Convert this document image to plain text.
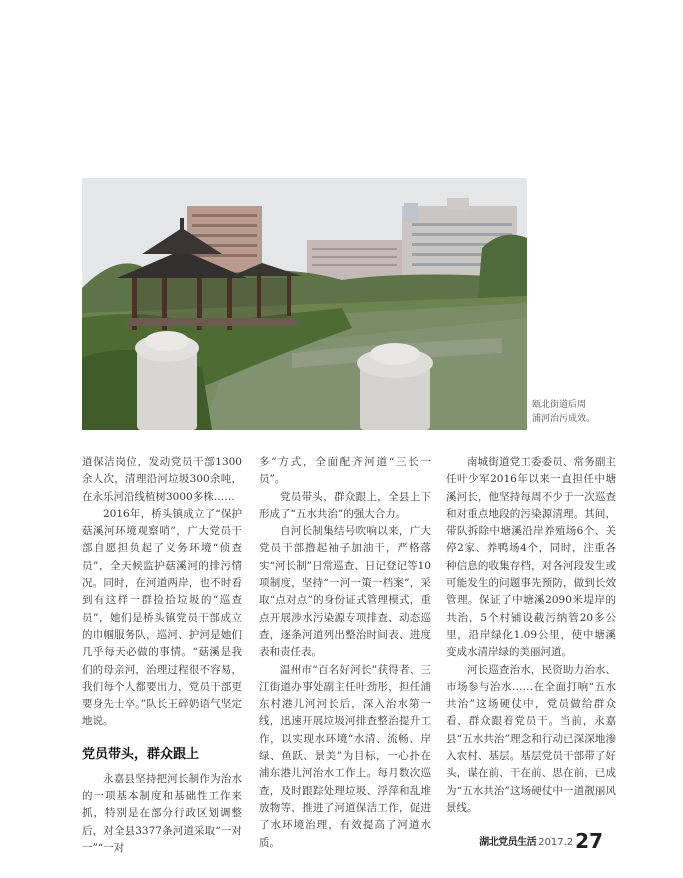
瓯北街道后周
浦河治污成效。

道保洁岗位，发动党员干部1300余人次，清理沿河垃圾300余吨，在永乐河沿线植树3000多株……

2016年，桥头镇成立了“保护菇溪河环境观察哨”，广大党员干部自愿担负起了义务环境“侦查员”，全天候监护菇溪河的排污情况。同时，在河道两岸，也不时看到有这样一群捡拾垃圾的“巡查员”，她们是桥头镇党员干部成立的巾帼服务队，巡河、护河是她们几乎每天必做的事情。“菇溪是我们的母亲河，治理过程很不容易，我们每个人都要出力，党员干部更要身先士卒。”队长王碎奶语气坚定地说。

党员带头，群众跟上

永嘉县坚持把河长制作为治水的一项基本制度和基础性工作来抓，特别是在部分行政区划调整后，对全县3377条河道采取“一对一”“一对

多”方式，全面配齐河道“三长一员”。

党员带头，群众跟上，全县上下形成了“五水共治”的强大合力。

自河长制集结号吹响以来，广大党员干部撸起袖子加油干，严格落实“河长制”日常巡查、日记登记等10项制度，坚持“一河一策一档案”，采取“点对点”的身份证式管理模式，重点开展涉水污染源专项排查、动态巡查，逐条河道列出整治时间表、进度表和责任表。

温州市“百名好河长”获得者、三江街道办事处副主任叶劲彤，担任浦东村港儿河河长后，深入治水第一线，迅速开展垃圾河排查整治提升工作，以实现水环境“水清、流畅、岸绿、鱼跃、景美”为目标，一心扑在浦东港儿河治水工作上。每月数次巡查，及时跟踪处理垃圾、浮萍和乱堆放物等，推进了河道保洁工作，促进了水环境治理，有效提高了河道水质。

南城街道党工委委员、常务副主任叶少军2016年以来一直担任中塘溪河长，他坚持每周不少于一次巡查和对重点地段的污染源清理。其间，带队拆除中塘溪沿岸养殖场6个、关停2家、养鸭场4个，同时，注重各种信息的收集存档，对各河段发生或可能发生的问题事先预防，做到长效管理。保证了中塘溪2090米堤岸的共治，5个村铺设截污纳管20多公里，沿岸绿化1.09公里，使中塘溪变成水清岸绿的美丽河道。

河长巡查治水，民资助力治水、市场参与治水……在全面打响“五水共治”这场硬仗中，党员做给群众看，群众跟着党员干。当前，永嘉县“五水共治”理念和行动已深深地渗入农村、基层。基层党员干部带了好头，谋在前、干在前、思在前，已成为“五水共治”这场硬仗中一道靓丽风景线。

湖北党员生活 2017.2 27
